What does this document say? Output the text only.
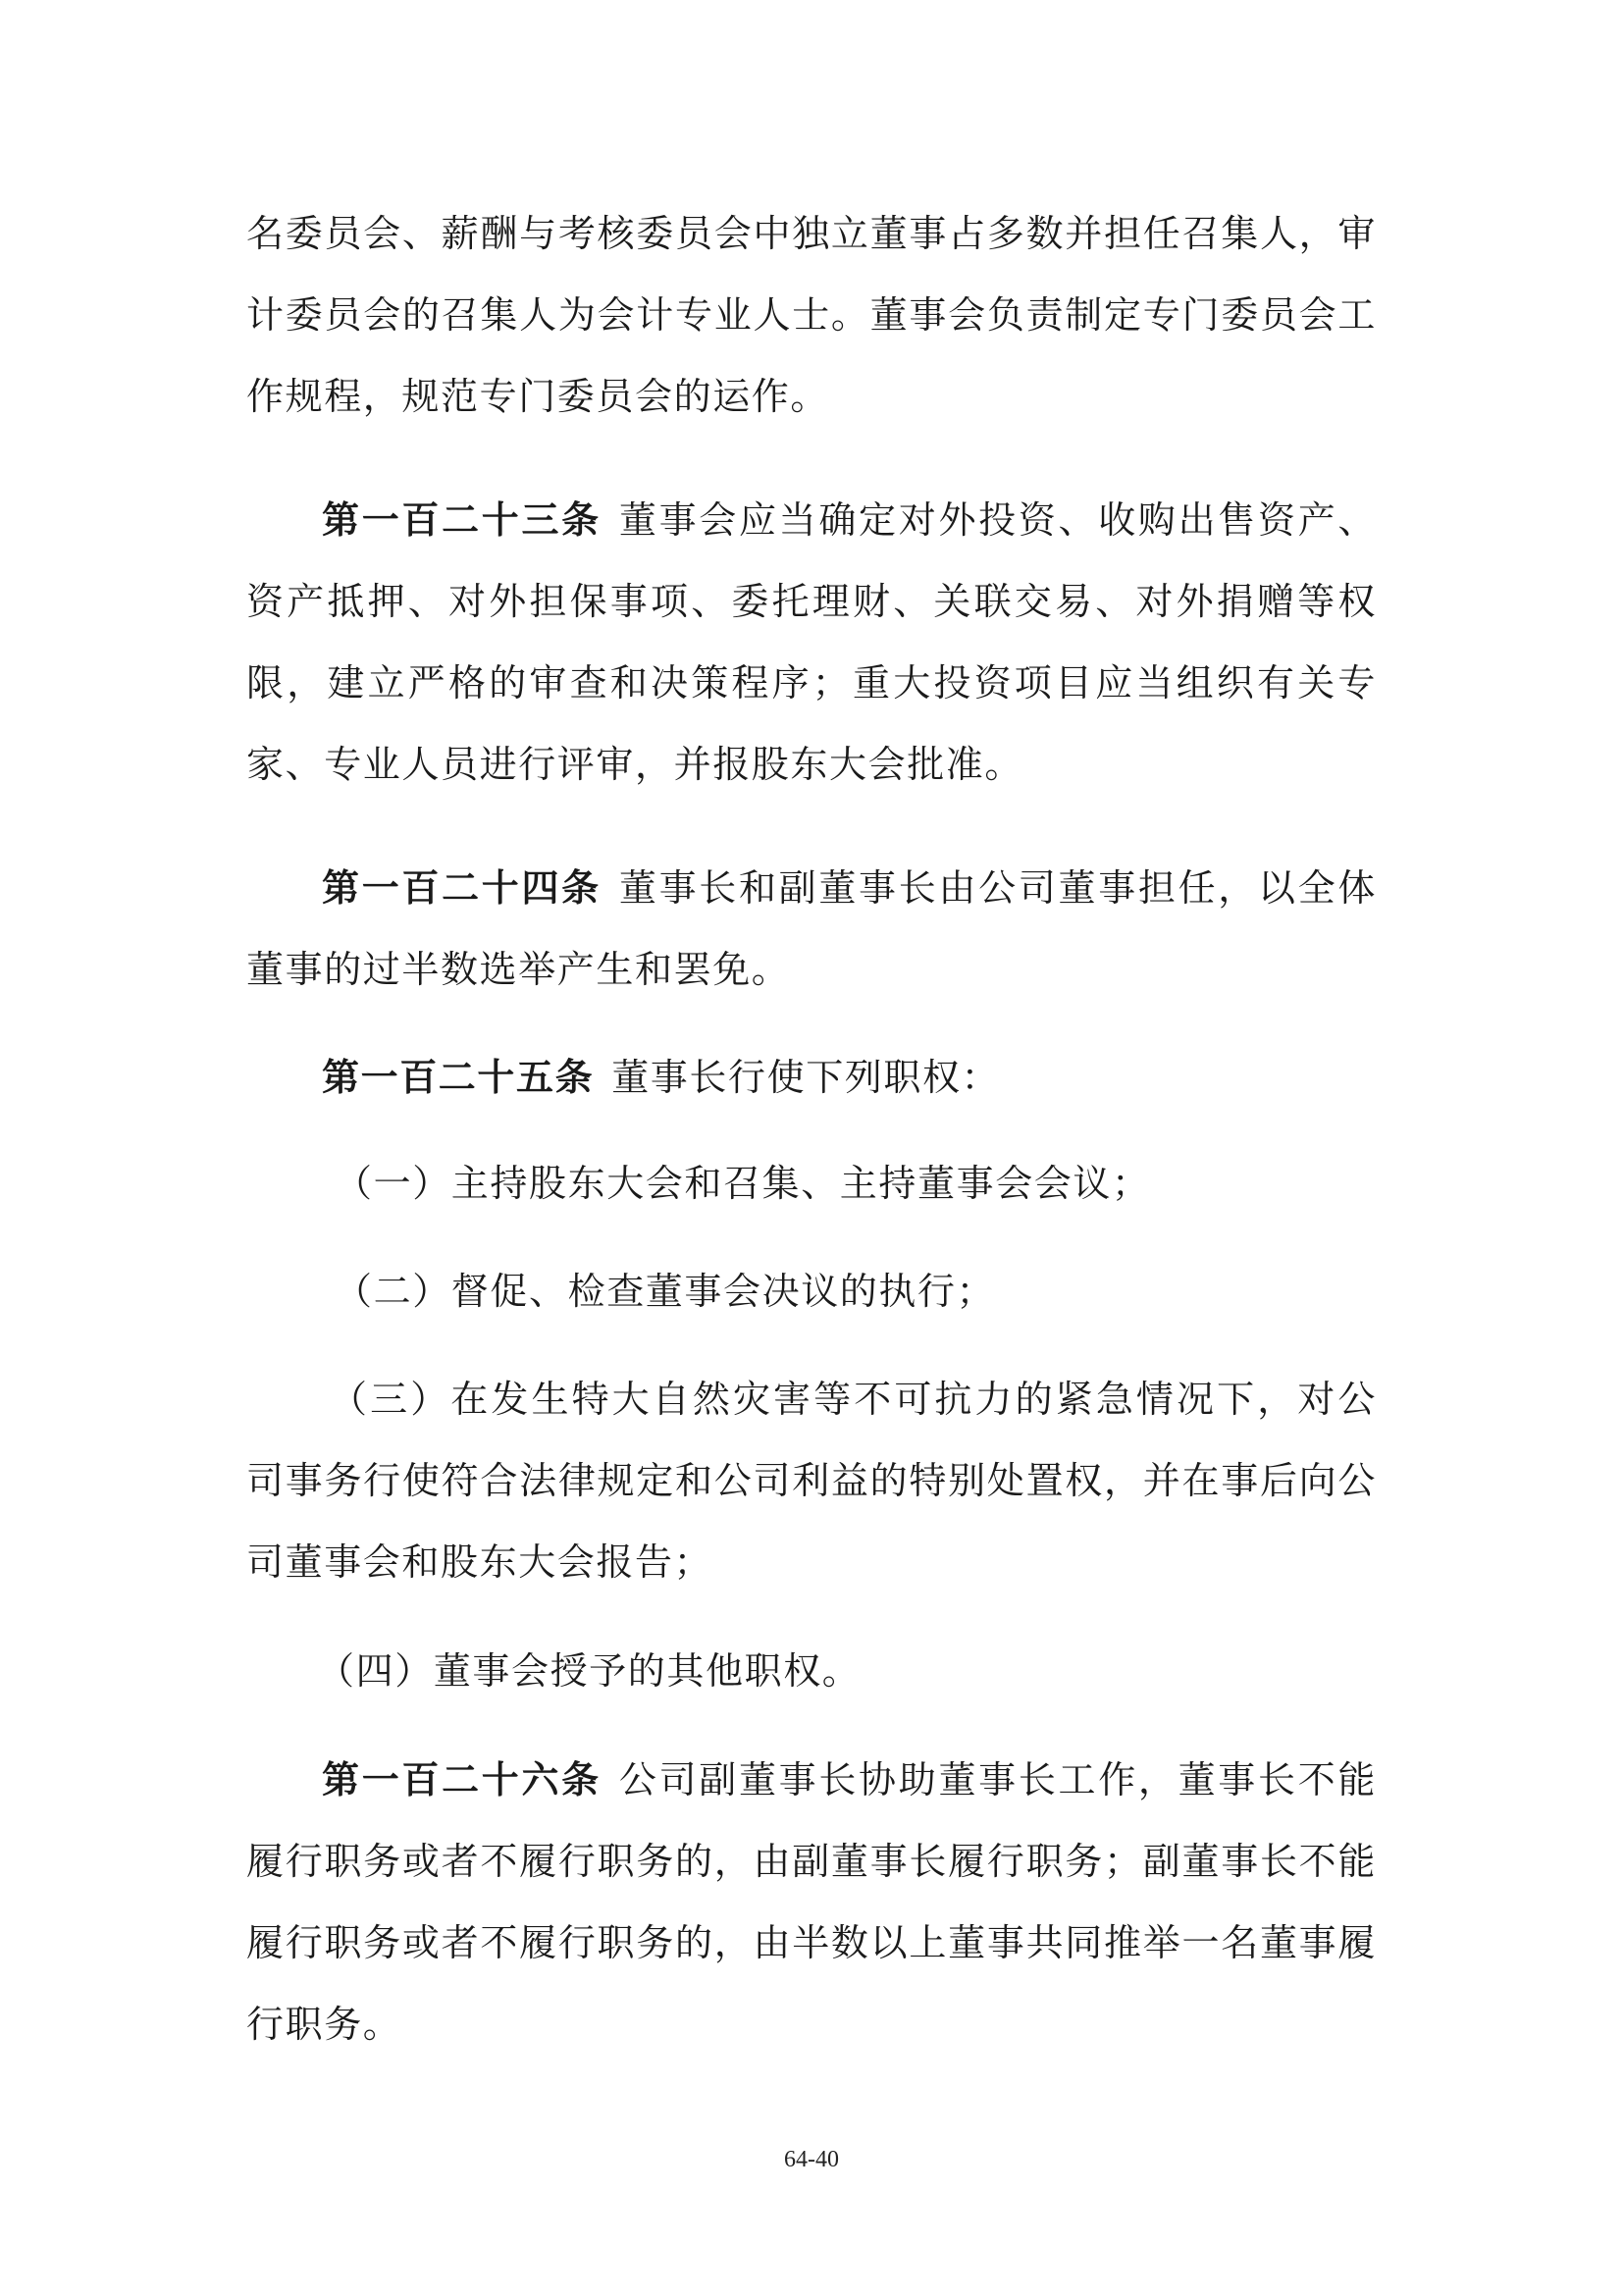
名委员会、薪酬与考核委员会中独立董事占多数并担任召集人，审计委员会的召集人为会计专业人士。董事会负责制定专门委员会工作规程，规范专门委员会的运作。

第一百二十三条 董事会应当确定对外投资、收购出售资产、资产抵押、对外担保事项、委托理财、关联交易、对外捐赠等权限，建立严格的审查和决策程序；重大投资项目应当组织有关专家、专业人员进行评审，并报股东大会批准。

第一百二十四条 董事长和副董事长由公司董事担任，以全体董事的过半数选举产生和罢免。

第一百二十五条 董事长行使下列职权：

（一）主持股东大会和召集、主持董事会会议；

（二）督促、检查董事会决议的执行；

（三）在发生特大自然灾害等不可抗力的紧急情况下，对公司事务行使符合法律规定和公司利益的特别处置权，并在事后向公司董事会和股东大会报告；

（四）董事会授予的其他职权。

第一百二十六条 公司副董事长协助董事长工作，董事长不能履行职务或者不履行职务的，由副董事长履行职务；副董事长不能履行职务或者不履行职务的，由半数以上董事共同推举一名董事履行职务。

64-40
